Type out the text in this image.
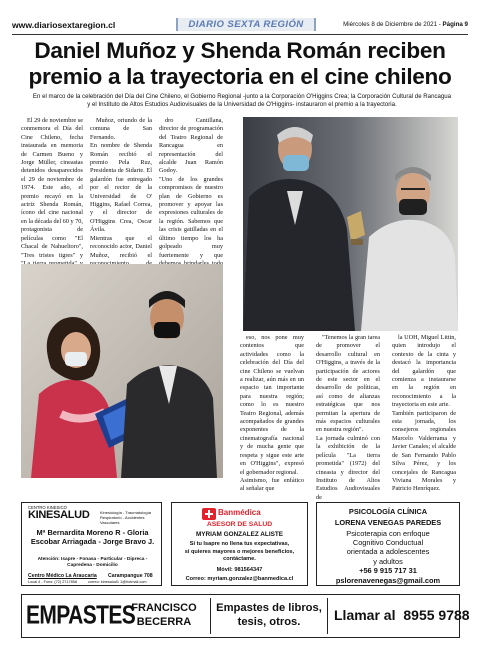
www.diariosextaregion.cl	DIARIO SEXTA REGIÓN	Miércoles 8 de Diciembre de 2021 - Página 9
Daniel Muñoz y Shenda Román reciben
premio a la trayectoria en el cine chileno
En el marco de la celebración del Día del Cine Chileno, el Gobierno Regional -junto a la Corporación O'Higgins Crea; la Corporación Cultural de Rancagua
y el Instituto de Altos Estudios Audiovisuales de la Universidad de O'Higgins- instauraron el premio a la trayectoria.

El 29 de noviembre se conmemora el Día del Cine Chileno, fecha instaurada en memoria de Carmen Bueno y Jorge Müller, cineastas detenidos desaparecidos el 29 de noviembre de 1974. Este año, el premio recayó en la actriz Shenda Román, ícono del cine nacional en la década del 60 y 70, protagonista de películas como "El Chacal de Nahueltoro", "Tres tristes tigres" y

Muñoz, oriundo de la comuna de San Fernando.
En nombre de Shenda Román recibió el premio Pela Ruz, Presidenta de Sidarte. El galardón fue entregado por el rector de la Universidad de O' Higgins, Rafael Correa, y el director de O'Higgins Crea, Oscar Ávila.
Mientras que el reconocido actor, Daniel Muñoz, recibió el

dro Cantillana, director de programación del Teatro Regional de Rancagua en representación del alcalde Juan Ramón Godoy.
"Uno de los grandes compromisos de nuestro plan de Gobierno es promover y apoyar las expresiones culturales de la región. Sabemos que las crisis gatilladas en el último tiempo los ha golpeado muy fuertemente y que

eso, nos pone muy contentos que actividades como la celebración del Día del cine Chileno se vuelvan a realizar, aún más en un espacio tan importante para nuestra región; como lo es nuestro Teatro Regional, además acompañados de grandes exponentes de la cinematografía nacional y de mucha gente que respeta y sigue este arte en O'Higgins", expresó el gobernador regional.
Asimismo, fue enfático al señalar que

"Tenemos la gran tarea de promover el desarrollo cultural en O'Higgins, a través de la participación de actores de este sector en el desarrollo de políticas, así como de alianzas estratégicas que nos permitan la apertura de más espacios culturales en nuestra región".
La jornada culminó con la exhibición de la película "La tierra prometida" (1972) del cineasta y director del Instituto de Altos Estudios Audiovisuales de

la UOH, Miguel Littin, quien introdujo el contexto de la cinta y destacó la importancia del galardón que comienza a instaurarse en la región en reconocimiento a la trayectoria en este arte.
También participaron de esta jornada, los consejeros regionales Marcelo Valderrama y Javier Canales; el alcalde de San Fernando Pablo Silva Pérez, y los concejales de Rancagua Viviana Morales y Patricio Henríquez.

CENTRO KINESICO
KINESALUD	Kinesiología - Traumatología Respiratorio - Accidentes Vasculares
Mª Bernardita Moreno R - Gloria Escobar Arriagada - Jorge Bravo J.
Atención: Isapre - Fonasa - Particular - Dipreca - Capredena - Domicilio
Centro Médico La Araucaria Carampangue 708
Local 4 - Fono: (72) 2717858	correo: kinesalud1 1@hotmail.com
Banmédica
ASESOR DE SALUD
MYRIAM GONZALEZ ALISTE
Si tu Isapre no llena tus expectativas,
si quieres mayores o mejores beneficios,
contáctame.
Móvil: 981564347
Correo: myriam.gonzalez@banmedica.cl
PSICOLOGÍA CLÍNICA
LORENA VENEGAS PAREDES
Psicoterapia con enfoque
Cognitivo Conductual
orientada a adolescentes
y adultos
+56 9 915 717 31
pslorenavenegas@gmail.com
EMPASTES
FRANCISCO
BECERRA
Empastes de libros,
tesis, otros.	Llamar al 8955 9788
